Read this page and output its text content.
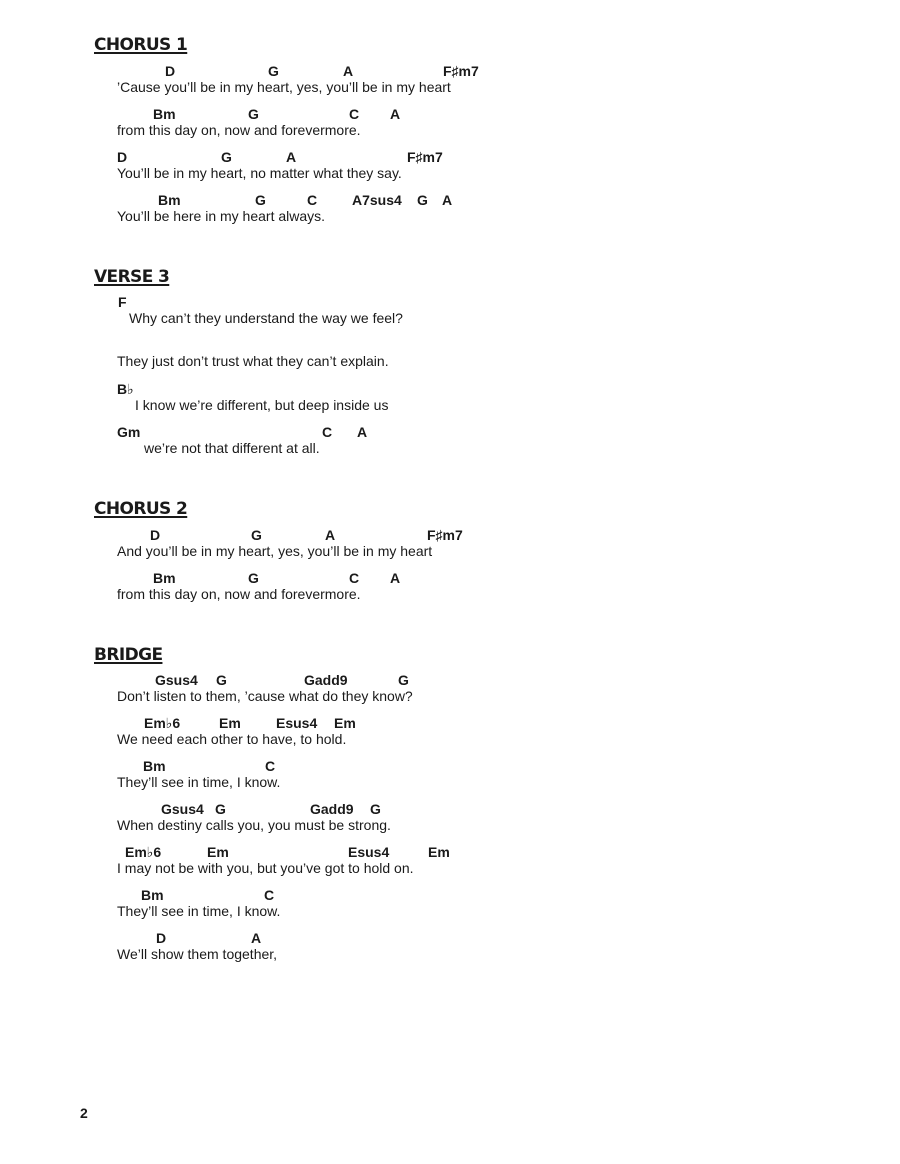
CHORUS 1
D	G	A	F♯m7
’Cause you’ll be in my heart, yes, you’ll be in my heart
Bm	G	C A
from this day on, now and forevermore.
D	G	A	F♯m7
You’ll be in my heart, no matter what they say.
Bm	G	C A7sus4 G A
You’ll be here in my heart always.
VERSE 3
F
Why can’t they understand the way we feel?
They just don’t trust what they can’t explain.
B♭
I know we’re different, but deep inside us
Gm	C A
we’re not that different at all.
CHORUS 2
D	G	A	F♯m7
And you’ll be in my heart, yes, you’ll be in my heart
Bm	G	C A
from this day on, now and forevermore.
BRIDGE
Gsus4 G	Gadd9	G
Don’t listen to them, ’cause what do they know?
Em♭6	Em	Esus4 Em
We need each other to have, to hold.
Bm	C
They’ll see in time, I know.
Gsus4 G	Gadd9 G
When destiny calls you, you must be strong.
Em♭6	Em	Esus4	Em
I may not be with you, but you’ve got to hold on.
Bm	C
They’ll see in time, I know.
D	A
We’ll show them together,
2
